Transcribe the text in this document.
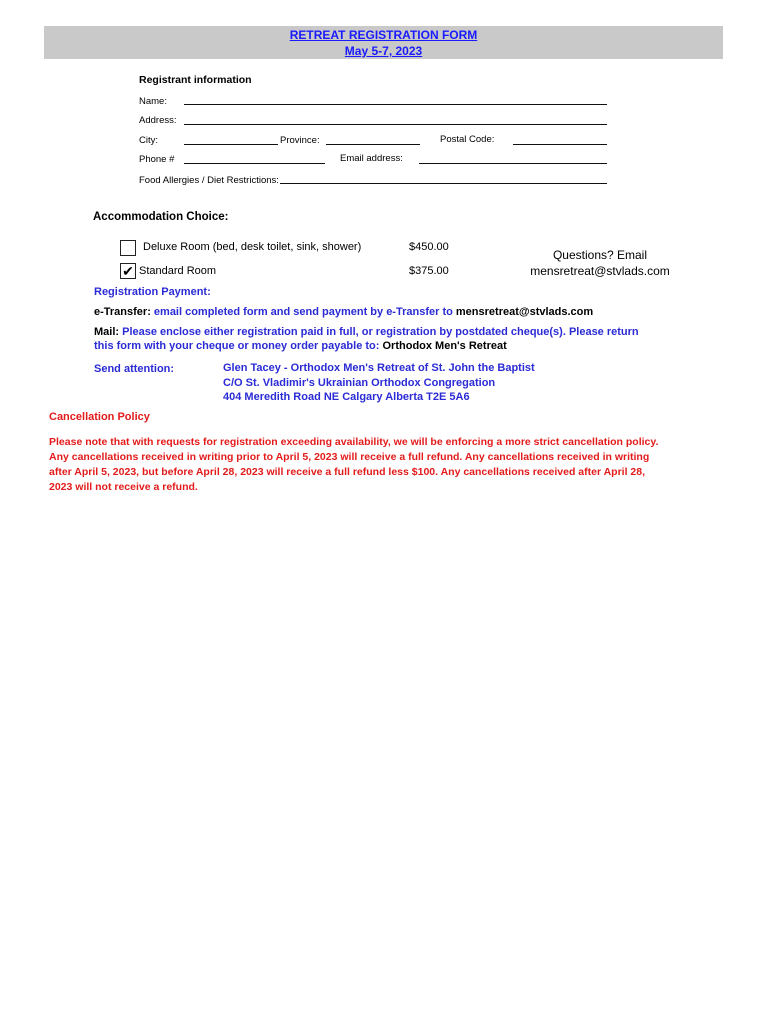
RETREAT REGISTRATION FORM
May 5-7, 2023
Registrant information
Name:
Address:
City:	Province:	Postal Code:
Phone #	Email address:
Food Allergies / Diet Restrictions:
Accommodation Choice:
Deluxe Room (bed, desk toilet, sink, shower)	$450.00
✔ Standard Room	$375.00
Questions? Email
mensretreat@stvlads.com
Registration Payment:
e-Transfer: email completed form and send payment by e-Transfer to mensretreat@stvlads.com
Mail: Please enclose either registration paid in full, or registration by postdated cheque(s). Please return
this form with your cheque or money order payable to: Orthodox Men's Retreat
Send attention:	Glen Tacey - Orthodox Men's Retreat of St. John the Baptist
C/O St. Vladimir's Ukrainian Orthodox Congregation
404 Meredith Road NE Calgary Alberta T2E 5A6
Cancellation Policy
Please note that with requests for registration exceeding availability, we will be enforcing a more strict cancellation policy.
Any cancellations received in writing prior to April 5, 2023 will receive a full refund. Any cancellations received in writing
after April 5, 2023, but before April 28, 2023 will receive a full refund less $100. Any cancellations received after April 28,
2023 will not receive a refund.
